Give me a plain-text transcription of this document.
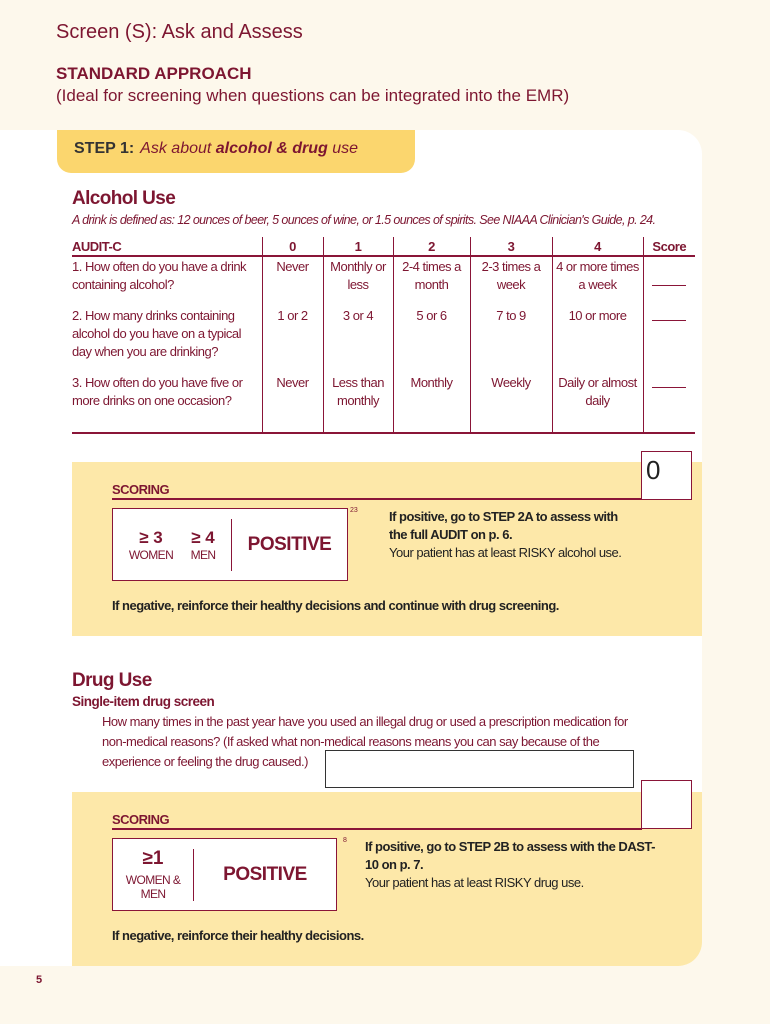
Screen (S): Ask and Assess
STANDARD APPROACH
(Ideal for screening when questions can be integrated into the EMR)
STEP 1: Ask about alcohol & drug use
Alcohol Use
A drink is defined as: 12 ounces of beer, 5 ounces of wine, or 1.5 ounces of spirits. See NIAAA Clinician's Guide, p. 24.
AUDIT-C	0	1	2	3	4	Score
1. How often do you have a drink containing alcohol?	Never	Monthly or less	2-4 times a month	2-3 times a week	4 or more times a week	
2. How many drinks containing alcohol do you have on a typical day when you are drinking?	1 or 2	3 or 4	5 or 6	7 to 9	10 or more	
3. How often do you have five or more drinks on one occasion?	Never	Less than monthly	Monthly	Weekly	Daily or almost daily	
0
SCORING
≥ 3
WOMEN
≥ 4
MEN	POSITIVE
23 If positive, go to STEP 2A to assess with the full AUDIT on p. 6.
Your patient has at least RISKY alcohol use.
If negative, reinforce their healthy decisions and continue with drug screening.
Drug Use
Single-item drug screen
How many times in the past year have you used an illegal drug or used a prescription medication for non-medical reasons? (If asked what non-medical reasons means you can say because of the experience or feeling the drug caused.)
SCORING
≥1
WOMEN & MEN
POSITIVE
8 If positive, go to STEP 2B to assess with the DAST-10 on p. 7.
Your patient has at least RISKY drug use.
If negative, reinforce their healthy decisions.
5
